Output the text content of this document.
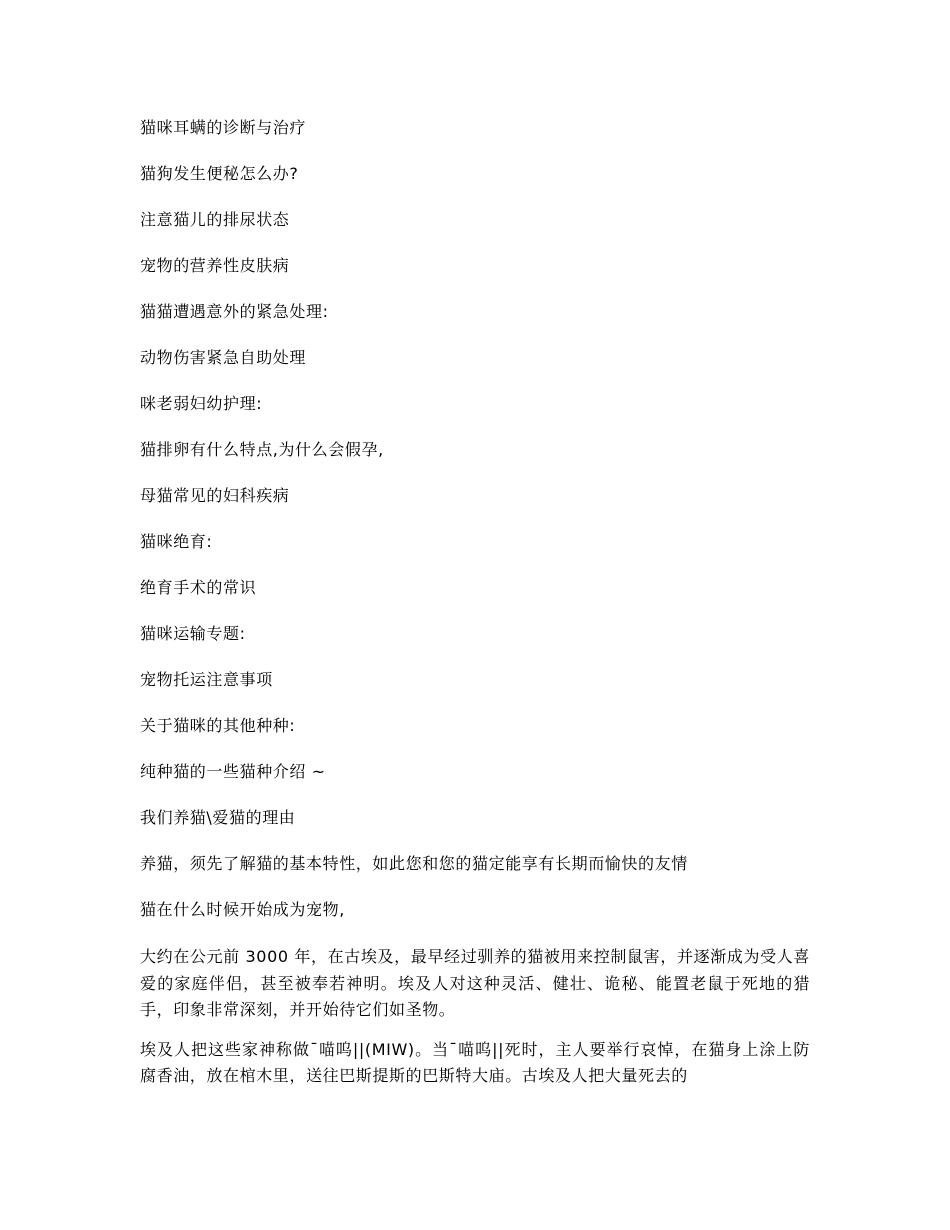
猫咪耳螨的诊断与治疗
猫狗发生便秘怎么办?
注意猫儿的排尿状态
宠物的营养性皮肤病
猫猫遭遇意外的紧急处理:
动物伤害紧急自助处理
咪老弱妇幼护理:
猫排卵有什么特点,为什么会假孕,
母猫常见的妇科疾病
猫咪绝育:
绝育手术的常识
猫咪运输专题:
宠物托运注意事项
关于猫咪的其他种种:
纯种猫的一些猫种介绍 ~
我们养猫\爱猫的理由
养猫，须先了解猫的基本特性，如此您和您的猫定能享有长期而愉快的友情
猫在什么时候开始成为宠物,

大约在公元前 3000 年，在古埃及，最早经过驯养的猫被用来控制鼠害，并逐渐成为受人喜爱的家庭伴侣，甚至被奉若神明。埃及人对这种灵活、健壮、诡秘、能置老鼠于死地的猎手，印象非常深刻，并开始待它们如圣物。

埃及人把这些家神称做¯喵呜||(MIW)。当¯喵呜||死时，主人要举行哀悼，在猫身上涂上防腐香油，放在棺木里，送往巴斯提斯的巴斯特大庙。古埃及人把大量死去的
